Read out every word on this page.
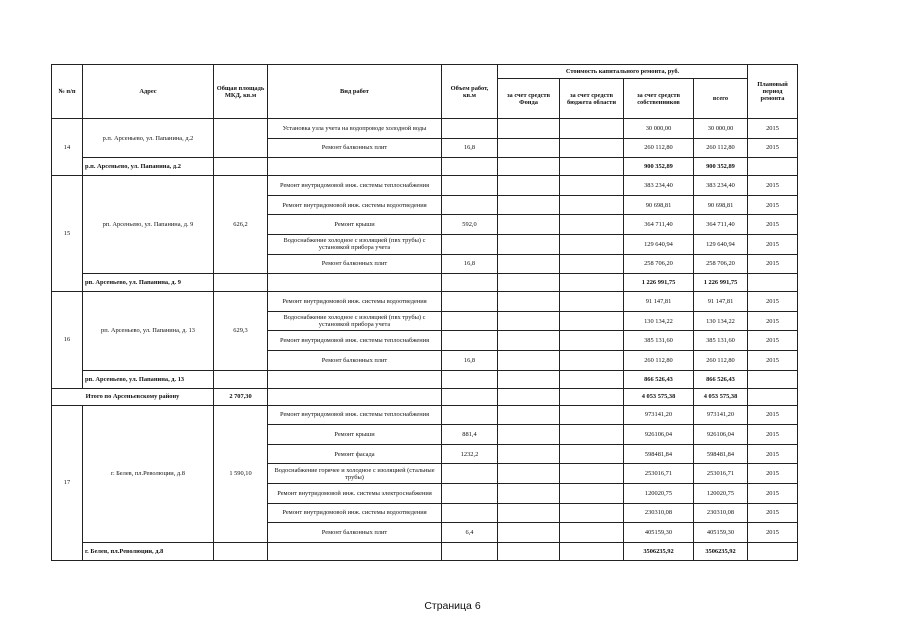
№ п/п	Адрес	Общая площадь МКД, кв.м	Вид работ	Объем работ, кв.м	Стоимость капитального ремонта, руб.				Плановый период ремонта
					за счет средств Фонда	за счет средств бюджета области	за счет средств собственников	всего	
14	р.п. Арсеньево, ул. Папанина, д.2		Установка узла учета на водопроводе холодной воды				30 000,00	30 000,00	2015
			Ремонт балконных плит	16,8			260 112,80	260 112,80	2015
	р.п. Арсеньево, ул. Папанина, д.2						900 352,89	900 352,89	
15	рп. Арсеньево, ул. Папанина, д. 9	626,2	Ремонт внутридомовой инж. системы теплоснабжения				383 234,40	383 234,40	2015
			Ремонт внутридомовой инж. системы водоотведения				90 698,81	90 698,81	2015
			Ремонт крыши	592,0			364 711,40	364 711,40	2015
			Водоснабжение холодное с изоляцией (пвх трубы) с установкой прибора учета				129 640,94	129 640,94	2015
			Ремонт балконных плит	16,8			258 706,20	258 706,20	2015
	рп. Арсеньево, ул. Папанина, д. 9						1 226 991,75	1 226 991,75	
16	рп. Арсеньево, ул. Папанина, д. 13	629,3	Ремонт внутридомовой инж. системы водоотведения				91 147,81	91 147,81	2015
			Водоснабжение холодное с изоляцией (пвх трубы) с установкой прибора учета				130 134,22	130 134,22	2015
			Ремонт внутридомовой инж. системы теплоснабжения				385 131,60	385 131,60	2015
			Ремонт балконных плит	16,8			260 112,80	260 112,80	2015
	рп. Арсеньево, ул. Папанина, д. 13						866 526,43	866 526,43	
Итого по Арсеньевскому району		2 707,30					4 053 575,38	4 053 575,38	
17	г. Белев, пл.Революции, д.8	1 590,10	Ремонт внутридомовой инж. системы теплоснабжения				973141,20	973141,20	2015
			Ремонт крыши	881,4			926106,04	926106,04	2015
			Ремонт фасада	1232,2			598481,84	598481,84	2015
			Водоснабжение горячее и холодное с изоляцией (стальные трубы)				253016,71	253016,71	2015
			Ремонт внутридомовой инж. системы электроснабжения				120020,75	120020,75	2015
			Ремонт внутридомовой инж. системы водоотведения				230310,08	230310,08	2015
			Ремонт балконных плит	6,4			405159,30	405159,30	2015
	г. Белев, пл.Революции, д.8						3506235,92	3506235,92	
Страница 6
